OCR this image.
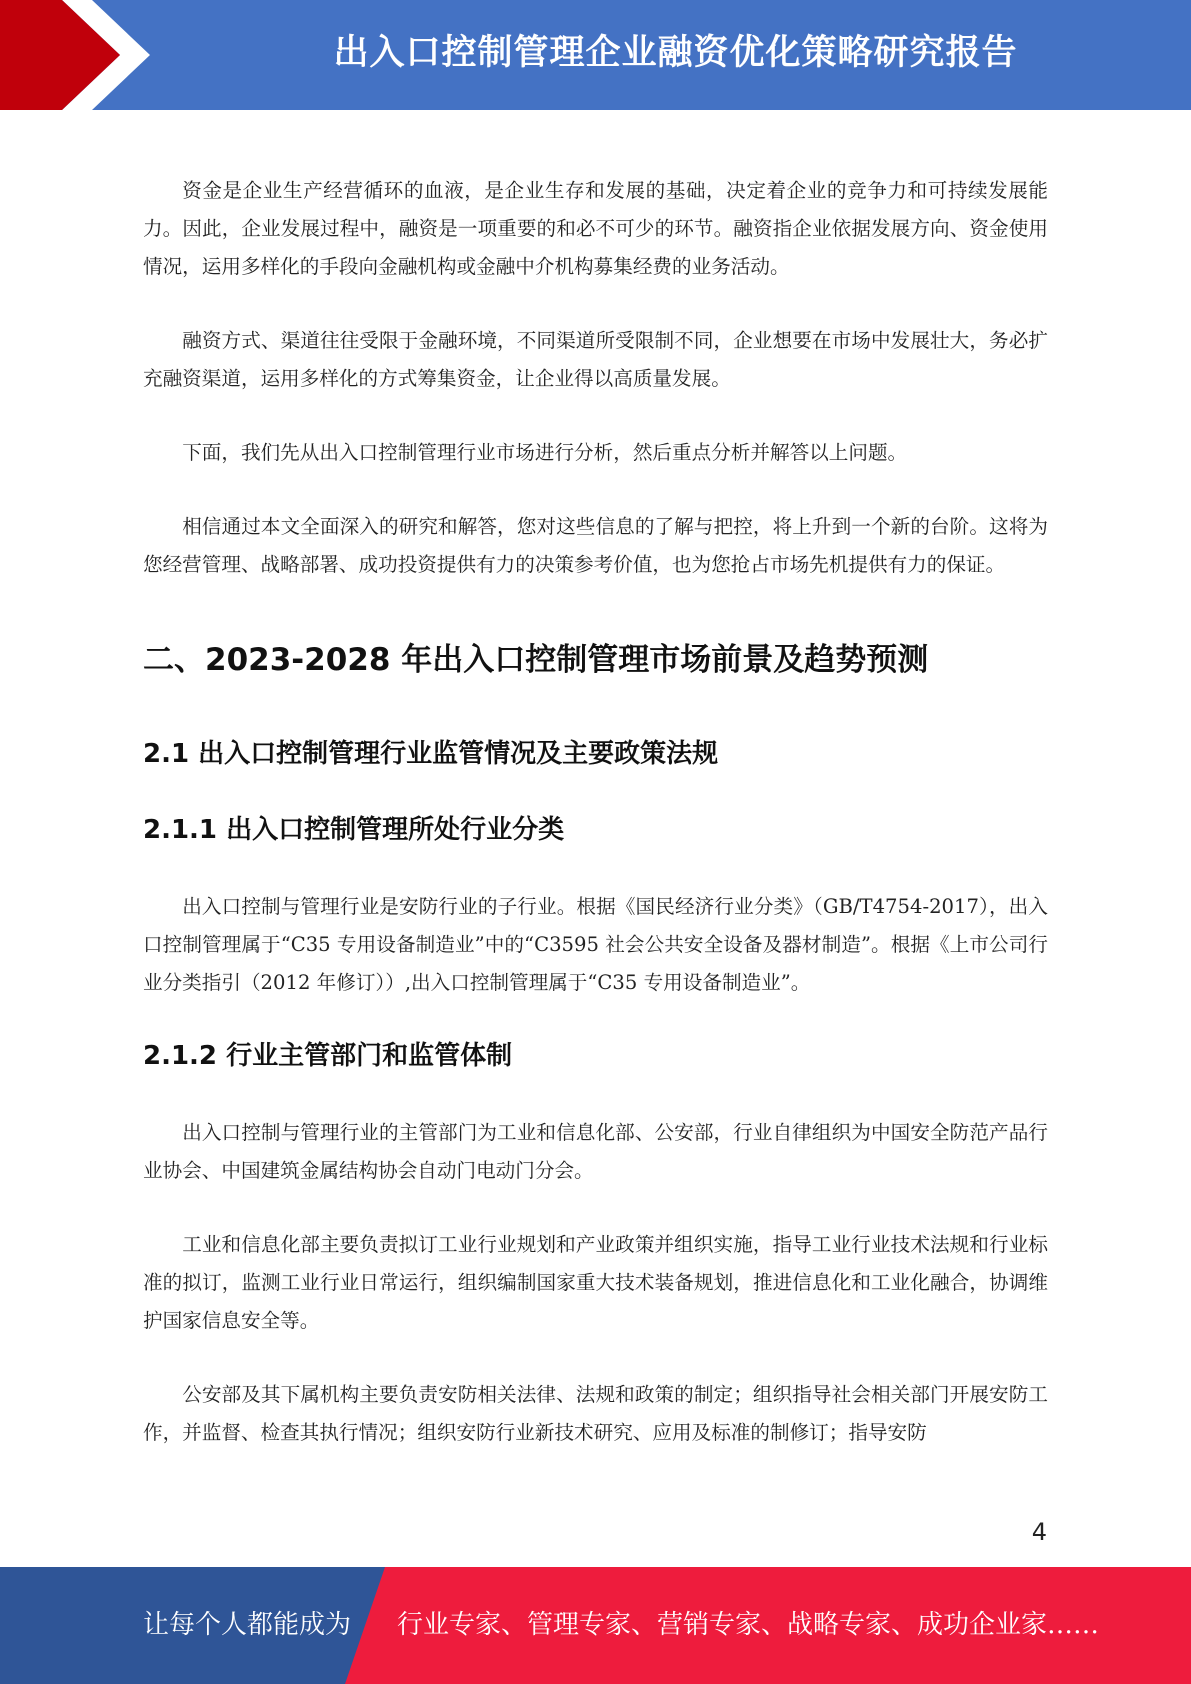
出入口控制管理企业融资优化策略研究报告

资金是企业生产经营循环的血液，是企业生存和发展的基础，决定着企业的竞争力和可持续发展能力。因此，企业发展过程中，融资是一项重要的和必不可少的环节。融资指企业依据发展方向、资金使用情况，运用多样化的手段向金融机构或金融中介机构募集经费的业务活动。

融资方式、渠道往往受限于金融环境，不同渠道所受限制不同，企业想要在市场中发展壮大，务必扩充融资渠道，运用多样化的方式筹集资金，让企业得以高质量发展。

下面，我们先从出入口控制管理行业市场进行分析，然后重点分析并解答以上问题。

相信通过本文全面深入的研究和解答，您对这些信息的了解与把控，将上升到一个新的台阶。这将为您经营管理、战略部署、成功投资提供有力的决策参考价值，也为您抢占市场先机提供有力的保证。

二、2023-2028 年出入口控制管理市场前景及趋势预测
2.1 出入口控制管理行业监管情况及主要政策法规
2.1.1 出入口控制管理所处行业分类

出入口控制与管理行业是安防行业的子行业。根据《国民经济行业分类》（GB/T4754-2017），出入口控制管理属于“C35 专用设备制造业”中的“C3595 社会公共安全设备及器材制造”。根据《上市公司行业分类指引（2012 年修订））,出入口控制管理属于“C35 专用设备制造业”。

2.1.2 行业主管部门和监管体制

出入口控制与管理行业的主管部门为工业和信息化部、公安部，行业自律组织为中国安全防范产品行业协会、中国建筑金属结构协会自动门电动门分会。

工业和信息化部主要负责拟订工业行业规划和产业政策并组织实施，指导工业行业技术法规和行业标准的拟订，监测工业行业日常运行，组织编制国家重大技术装备规划，推进信息化和工业化融合，协调维护国家信息安全等。

公安部及其下属机构主要负责安防相关法律、法规和政策的制定；组织指导社会相关部门开展安防工作，并监督、检查其执行情况；组织安防行业新技术研究、应用及标准的制修订；指导安防

4
让每个人都能成为 行业专家、管理专家、营销专家、战略专家、成功企业家……
